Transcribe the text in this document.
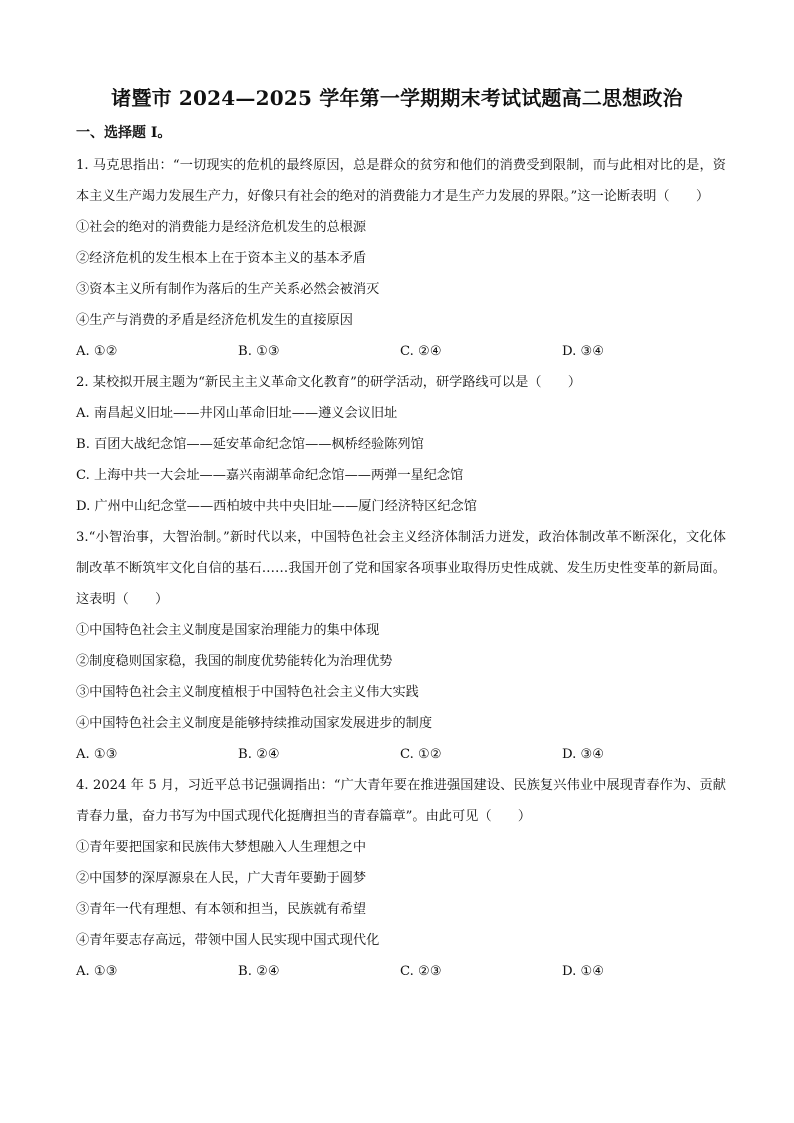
诸暨市 2024—2025 学年第一学期期末考试试题高二思想政治
一、选择题 I。

1. 马克思指出：“一切现实的危机的最终原因，总是群众的贫穷和他们的消费受到限制，而与此相对比的是，资本主义生产竭力发展生产力，好像只有社会的绝对的消费能力才是生产力发展的界限。”这一论断表明（　　）

①社会的绝对的消费能力是经济危机发生的总根源

②经济危机的发生根本上在于资本主义的基本矛盾

③资本主义所有制作为落后的生产关系必然会被消灭

④生产与消费的矛盾是经济危机发生的直接原因

A. ①②	B. ①③	C. ②④	D. ③④

2. 某校拟开展主题为“新民主主义革命文化教育”的研学活动，研学路线可以是（　　）

A. 南昌起义旧址——井冈山革命旧址——遵义会议旧址

B. 百团大战纪念馆——延安革命纪念馆——枫桥经验陈列馆

C. 上海中共一大会址——嘉兴南湖革命纪念馆——两弹一星纪念馆

D. 广州中山纪念堂——西柏坡中共中央旧址——厦门经济特区纪念馆

3.“小智治事，大智治制。”新时代以来，中国特色社会主义经济体制活力迸发，政治体制改革不断深化，文化体制改革不断筑牢文化自信的基石……我国开创了党和国家各项事业取得历史性成就、发生历史性变革的新局面。这表明（　　）

①中国特色社会主义制度是国家治理能力的集中体现

②制度稳则国家稳，我国的制度优势能转化为治理优势

③中国特色社会主义制度植根于中国特色社会主义伟大实践

④中国特色社会主义制度是能够持续推动国家发展进步的制度

A. ①③	B. ②④	C. ①②	D. ③④

4. 2024 年 5 月，习近平总书记强调指出：“广大青年要在推进强国建设、民族复兴伟业中展现青春作为、贡献青春力量，奋力书写为中国式现代化挺膺担当的青春篇章”。由此可见（　　）

①青年要把国家和民族伟大梦想融入人生理想之中

②中国梦的深厚源泉在人民，广大青年要勤于圆梦

③青年一代有理想、有本领和担当，民族就有希望

④青年要志存高远，带领中国人民实现中国式现代化

A. ①③	B. ②④	C. ②③	D. ①④
